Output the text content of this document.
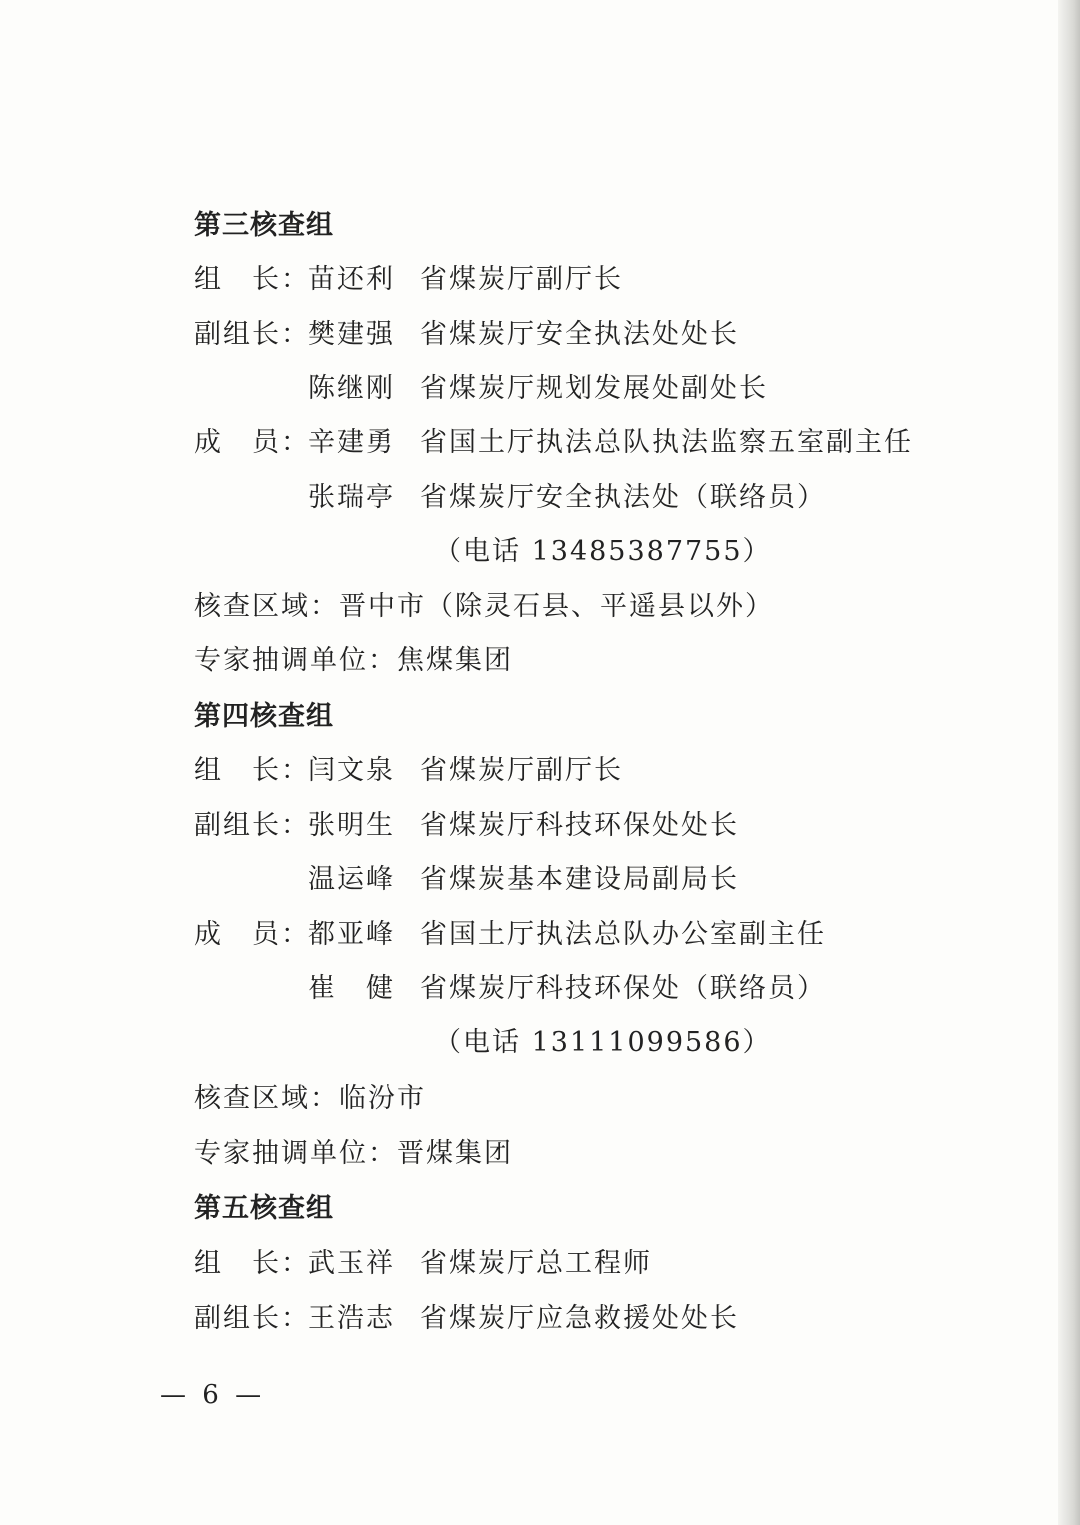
第三核查组
组　长：苗还利 省煤炭厅副厅长
副组长：樊建强 省煤炭厅安全执法处处长
陈继刚 省煤炭厅规划发展处副处长
成　员：辛建勇 省国土厅执法总队执法监察五室副主任
张瑞亭 省煤炭厅安全执法处（联络员）
（电话 13485387755）
核查区域：晋中市（除灵石县、平遥县以外）
专家抽调单位：焦煤集团
第四核查组
组　长：闫文泉 省煤炭厅副厅长
副组长：张明生 省煤炭厅科技环保处处长
温运峰 省煤炭基本建设局副局长
成　员：都亚峰 省国土厅执法总队办公室副主任
崔　健 省煤炭厅科技环保处（联络员）
（电话 13111099586）
核查区域：临汾市
专家抽调单位：晋煤集团
第五核查组
组　长：武玉祥 省煤炭厅总工程师
副组长：王浩志 省煤炭厅应急救援处处长
— 6 —
